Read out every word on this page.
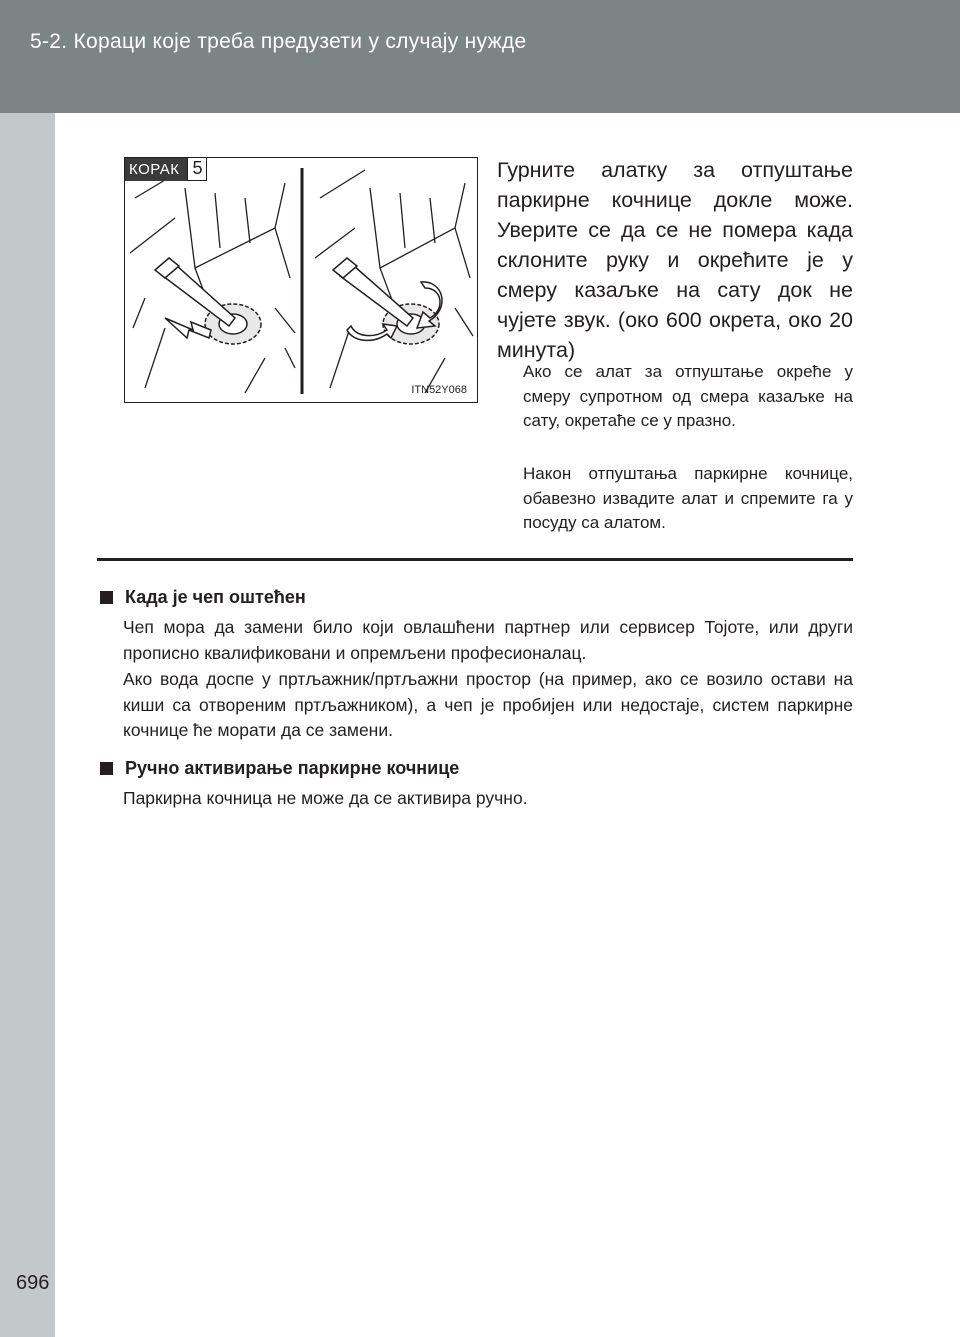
5-2. Кораци које треба предузети у случају нужде
696
КОРАК 5
ITN52Y068
Гурните алатку за отпуштање паркирне кочнице докле може. Уверите се да се не помера када склоните руку и окрећите је у смеру казаљке на сату док не чујете звук. (око 600 окрета, око 20 минута)
Ако се алат за отпуштање окреће у смеру супротном од смера казаљке на сату, окретаће се у празно.
Након отпуштања паркирне кочнице, обавезно извадите алат и спремите га у посуду са алатом.
Када је чеп оштећен
Чеп мора да замени било који овлашћени партнер или сервисер Тојоте, или други прописно квалификовани и опремљени професионалац.
Ако вода доспе у пртљажник/пртљажни простор (на пример, ако се возило остави на киши са отвореним пртљажником), а чеп је пробијен или недостаје, систем паркирне кочнице ће морати да се замени.
Ручно активирање паркирне кочнице
Паркирна кочница не може да се активира ручно.
